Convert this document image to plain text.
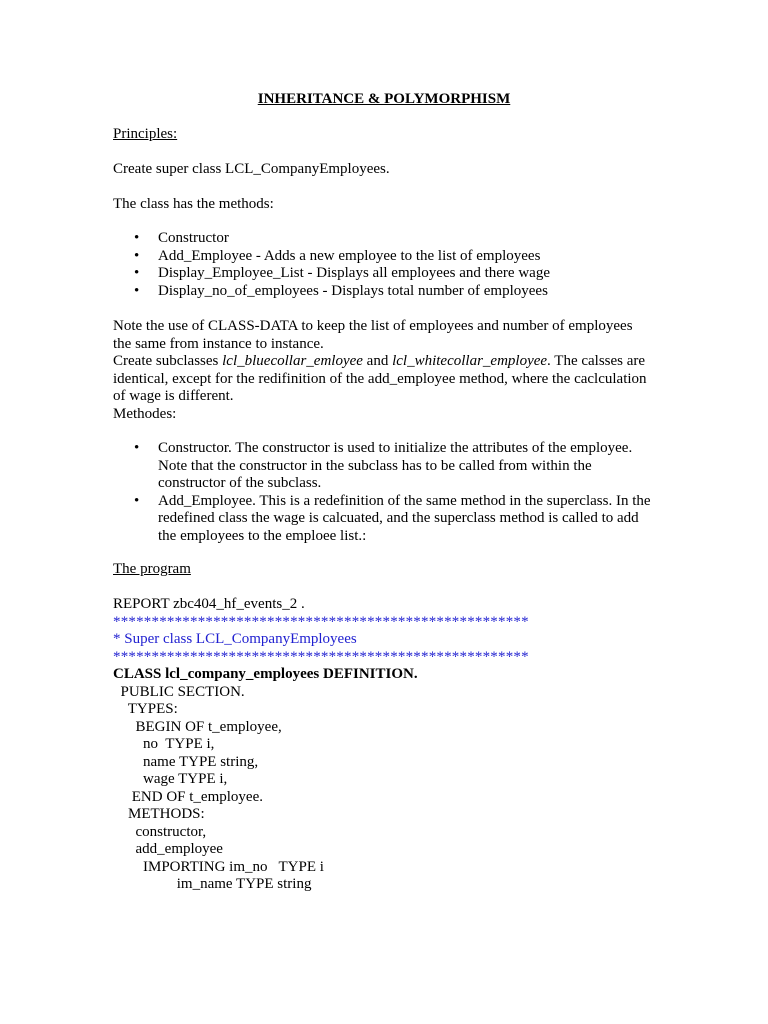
INHERITANCE & POLYMORPHISM
Principles:
Create super class LCL_CompanyEmployees.
The class has the methods:
• Constructor
• Add_Employee - Adds a new employee to the list of employees
• Display_Employee_List - Displays all employees and there wage
• Display_no_of_employees - Displays total number of employees
Note the use of CLASS-DATA to keep the list of employees and number of employees
the same from instance to instance.
Create subclasses lcl_bluecollar_emloyee and lcl_whitecollar_employee. The calsses are
identical, except for the redifinition of the add_employee method, where the caclculation
of wage is different.
Methodes:
• Constructor. The constructor is used to initialize the attributes of the employee.
Note that the constructor in the subclass has to be called from within the
constructor of the subclass.
• Add_Employee. This is a redefinition of the same method in the superclass. In the
redefined class the wage is calcuated, and the superclass method is called to add
the employees to the emploee list.:
The program
REPORT zbc404_hf_events_2 .
******************************************************
* Super class LCL_CompanyEmployees
******************************************************
CLASS lcl_company_employees DEFINITION.
PUBLIC SECTION.
TYPES:
BEGIN OF t_employee,
no  TYPE i,
name TYPE string,
wage TYPE i,
END OF t_employee.
METHODS:
constructor,
add_employee
IMPORTING im_no   TYPE i
im_name TYPE string
